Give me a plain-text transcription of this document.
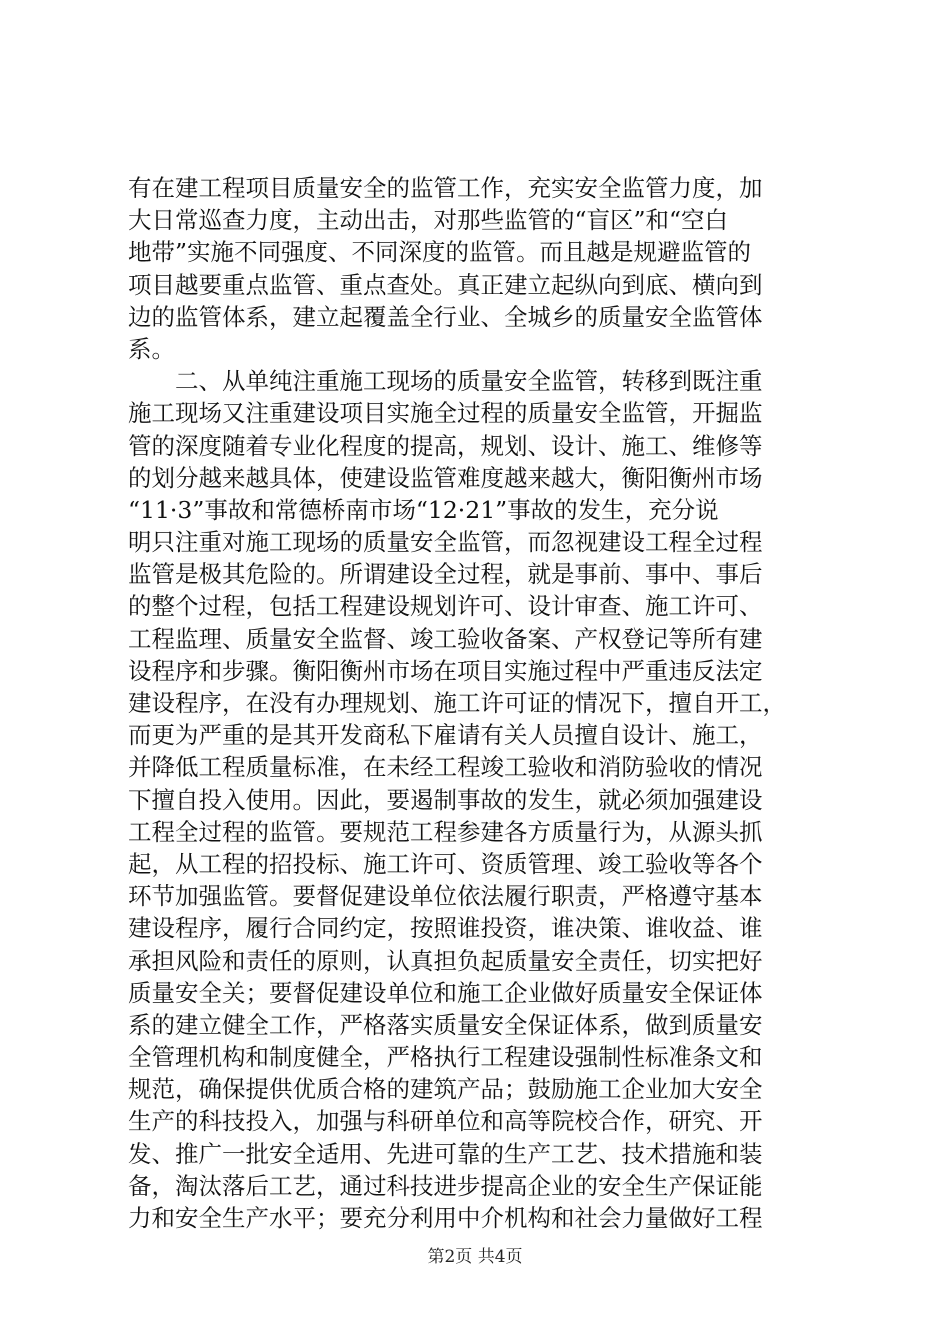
有在建工程项目质量安全的监管工作，充实安全监管力度，加
大日常巡查力度，主动出击，对那些监管的“盲区”和“空白
地带”实施不同强度、不同深度的监管。而且越是规避监管的
项目越要重点监管、重点查处。真正建立起纵向到底、横向到
边的监管体系，建立起覆盖全行业、全城乡的质量安全监管体
系。
　　二、从单纯注重施工现场的质量安全监管，转移到既注重
施工现场又注重建设项目实施全过程的质量安全监管，开掘监
管的深度随着专业化程度的提高，规划、设计、施工、维修等
的划分越来越具体，使建设监管难度越来越大，衡阳衡州市场
“11·3”事故和常德桥南市场“12·21”事故的发生，充分说
明只注重对施工现场的质量安全监管，而忽视建设工程全过程
监管是极其危险的。所谓建设全过程，就是事前、事中、事后
的整个过程，包括工程建设规划许可、设计审查、施工许可、
工程监理、质量安全监督、竣工验收备案、产权登记等所有建
设程序和步骤。衡阳衡州市场在项目实施过程中严重违反法定
建设程序，在没有办理规划、施工许可证的情况下，擅自开工，
而更为严重的是其开发商私下雇请有关人员擅自设计、施工，
并降低工程质量标准，在未经工程竣工验收和消防验收的情况
下擅自投入使用。因此，要遏制事故的发生，就必须加强建设
工程全过程的监管。要规范工程参建各方质量行为，从源头抓
起，从工程的招投标、施工许可、资质管理、竣工验收等各个
环节加强监管。要督促建设单位依法履行职责，严格遵守基本
建设程序，履行合同约定，按照谁投资，谁决策、谁收益、谁
承担风险和责任的原则，认真担负起质量安全责任，切实把好
质量安全关；要督促建设单位和施工企业做好质量安全保证体
系的建立健全工作，严格落实质量安全保证体系，做到质量安
全管理机构和制度健全，严格执行工程建设强制性标准条文和
规范，确保提供优质合格的建筑产品；鼓励施工企业加大安全
生产的科技投入，加强与科研单位和高等院校合作，研究、开
发、推广一批安全适用、先进可靠的生产工艺、技术措施和装
备，淘汰落后工艺，通过科技进步提高企业的安全生产保证能
力和安全生产水平；要充分利用中介机构和社会力量做好工程
第2页 共4页
